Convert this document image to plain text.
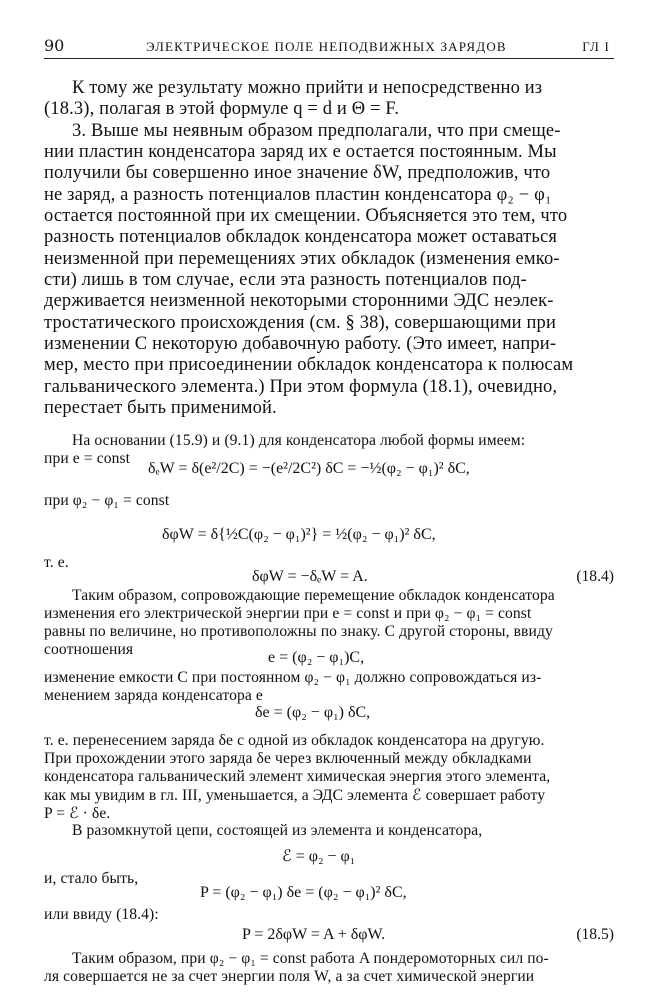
90	ЭЛЕКТРИЧЕСКОЕ ПОЛЕ НЕПОДВИЖНЫХ ЗАРЯДОВ	ГЛ I
К тому же результату можно прийти и непосредственно из
(18.3), полагая в этой формуле q = d и Θ = F.
3. Выше мы неявным образом предполагали, что при смеще-
нии пластин конденсатора заряд их e остается постоянным. Мы
получили бы совершенно иное значение δW, предположив, что
не заряд, а разность потенциалов пластин конденсатора φ₂ − φ₁
остается постоянной при их смещении. Объясняется это тем, что
разность потенциалов обкладок конденсатора может оставаться
неизменной при перемещениях этих обкладок (изменения емко-
сти) лишь в том случае, если эта разность потенциалов под-
держивается неизменной некоторыми сторонними ЭДС неэлек-
тростатического происхождения (см. § 38), совершающими при
изменении C некоторую добавочную работу. (Это имеет, напри-
мер, место при присоединении обкладок конденсатора к полюсам
гальванического элемента.) При этом формула (18.1), очевидно,
перестает быть применимой.
На основании (15.9) и (9.1) для конденсатора любой формы имеем:
при e = const
δₑW = δ(e²/2C) = −(e²/2C²) δC = −½(φ₂ − φ₁)² δC,
при φ₂ − φ₁ = const
δφW = δ{½C(φ₂ − φ₁)²} = ½(φ₂ − φ₁)² δC,
т. е.
δφW = −δₑW = A.	(18.4)
Таким образом, сопровождающие перемещение обкладок конденсатора
изменения его электрической энергии при e = const и при φ₂ − φ₁ = const
равны по величине, но противоположны по знаку. С другой стороны, ввиду
соотношения	e = (φ₂ − φ₁)C,
изменение емкости C при постоянном φ₂ − φ₁ должно сопровождаться из-
менением заряда конденсатора e
δe = (φ₂ − φ₁) δC,
т. е. перенесением заряда δe с одной из обкладок конденсатора на другую.
При прохождении этого заряда δe через включенный между обкладками
конденсатора гальванический элемент химическая энергия этого элемента,
как мы увидим в гл. III, уменьшается, а ЭДС элемента ℰ совершает работу
P = ℰ · δe.
В разомкнутой цепи, состоящей из элемента и конденсатора,
ℰ = φ₂ − φ₁
и, стало быть,
P = (φ₂ − φ₁) δe = (φ₂ − φ₁)² δC,
или ввиду (18.4):
P = 2δφW = A + δφW.	(18.5)
Таким образом, при φ₂ − φ₁ = const работа A пондеромоторных сил по-
ля совершается не за счет энергии поля W, а за счет химической энергии
